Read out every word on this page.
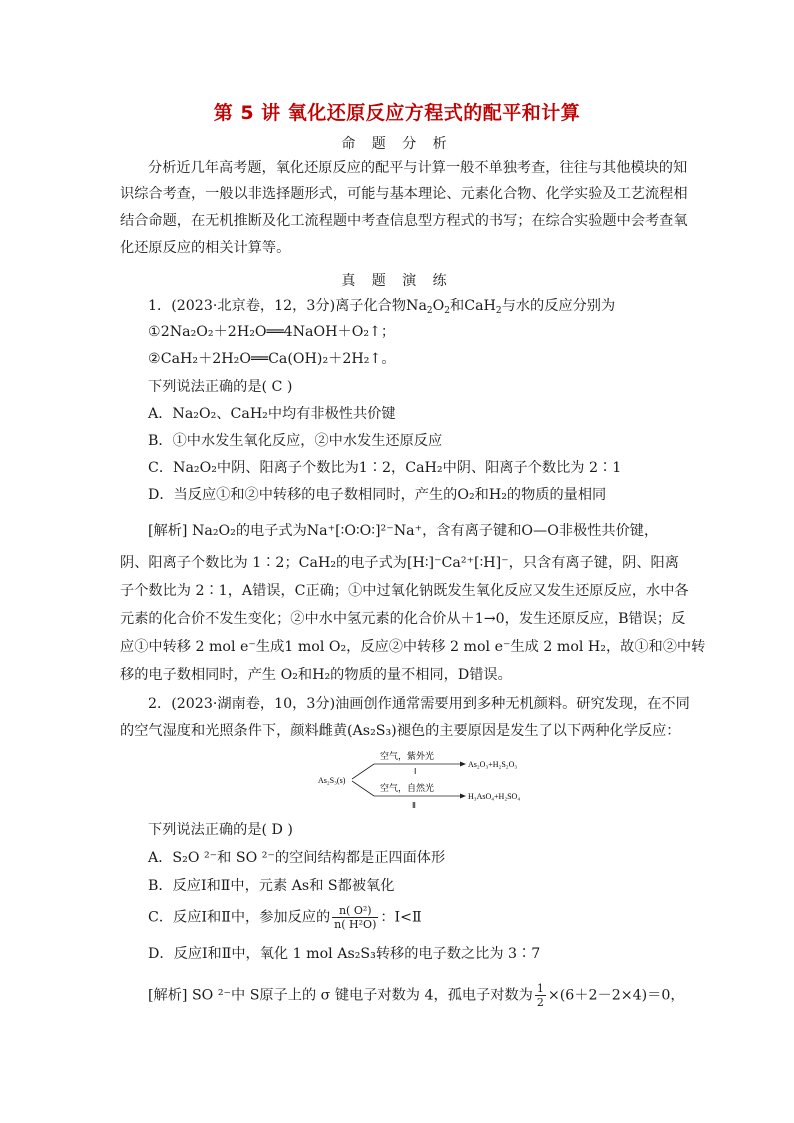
第 5 讲 氧化还原反应方程式的配平和计算
命 题 分 析
分析近几年高考题，氧化还原反应的配平与计算一般不单独考查，往往与其他模块的知
识综合考查，一般以非选择题形式，可能与基本理论、元素化合物、化学实验及工艺流程相
结合命题，在无机推断及化工流程题中考查信息型方程式的书写；在综合实验题中会考查氧
化还原反应的相关计算等。
真 题 演 练
1．(2023·北京卷，12，3分)离子化合物$Na_2O_2$和CaH$_2$与水的反应分别为
①2Na₂O₂＋2H₂O══4NaOH＋O₂↑；
②CaH₂＋2H₂O══Ca(OH)₂＋2H₂↑。
下列说法正确的是( C )
A．Na₂O₂、CaH₂中均有非极性共价键
B．①中水发生氧化反应，②中水发生还原反应
C．Na₂O₂中阴、阳离子个数比为1∶2，CaH₂中阴、阳离子个数比为 2∶1
D．当反应①和②中转移的电子数相同时，产生的O₂和H₂的物质的量相同
[解析] Na₂O₂的电子式为Na⁺[∶O∶O∶]²⁻Na⁺，含有离子键和O—O非极性共价键，
阴、阳离子个数比为 1∶2；CaH₂的电子式为[H∶]⁻Ca²⁺[∶H]⁻，只含有离子键，阴、阳离
子个数比为 2∶1，A错误，C正确；①中过氧化钠既发生氧化反应又发生还原反应，水中各
元素的化合价不发生变化；②中水中氢元素的化合价从＋1→0，发生还原反应，B错误；反
应①中转移 2 mol e⁻生成1 mol O₂，反应②中转移 2 mol e⁻生成 2 mol H₂，故①和②中转
移的电子数相同时，产生 O₂和H₂的物质的量不相同，D错误。
2．(2023·湖南卷，10，3分)油画创作通常需要用到多种无机颜料。研究发现，在不同
的空气湿度和光照条件下，颜料雌黄(As₂S₃)褪色的主要原因是发生了以下两种化学反应：
As₂S₃(s)
空气，紫外光
Ⅰ
As₂O₃+H₂S₂O₃
空气，自然光
Ⅱ
H₃AsO₄+H₂SO₄
下列说法正确的是( D )
A．S₂O ²⁻和 SO ²⁻的空间结构都是正四面体形
B．反应Ⅰ和Ⅱ中，元素 As和 S都被氧化
C．反应Ⅰ和Ⅱ中，参加反应的 $\frac{\text{n( O²)}}{\text{n( H²O)}}$ ：Ⅰ<Ⅱ
D．反应Ⅰ和Ⅱ中，氧化 1 mol As₂S₃转移的电子数之比为 3∶7
[解析] SO ²⁻中 S原子上的 σ 键电子对数为 4，孤电子对数为 $\frac{1}{2} \times(6+2-2\times 4)=0$，
